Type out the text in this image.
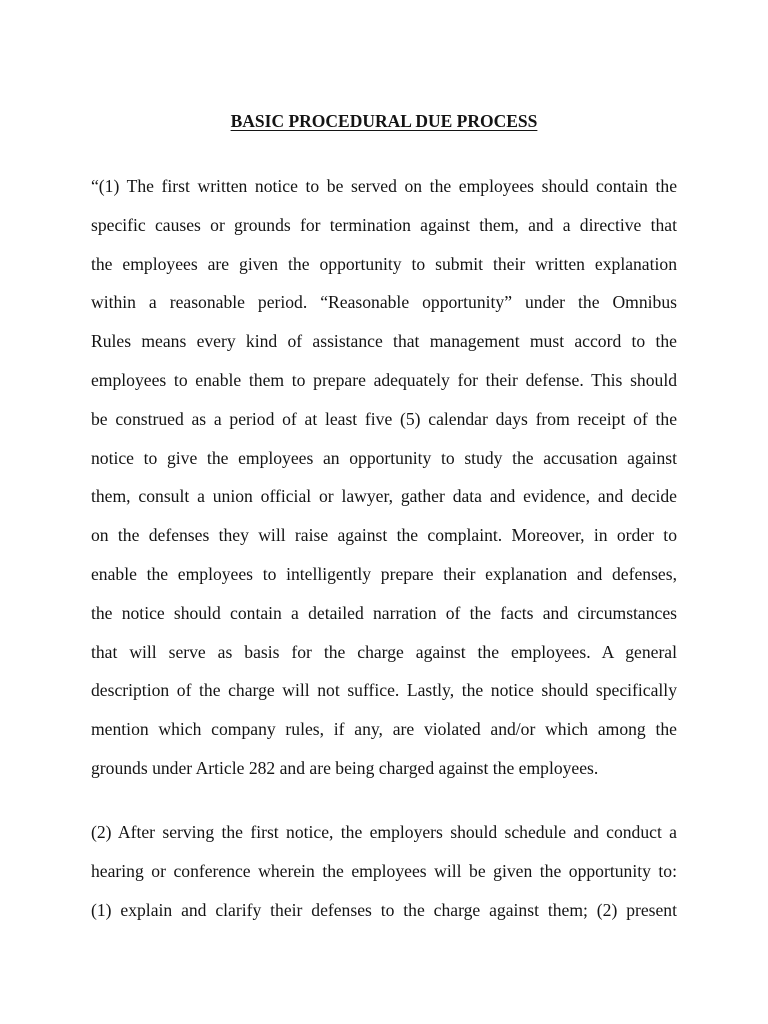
BASIC PROCEDURAL DUE PROCESS

“(1) The first written notice to be served on the employees should contain the
specific causes or grounds for termination against them, and a directive that
the employees are given the opportunity to submit their written explanation
within a reasonable period. “Reasonable opportunity” under the Omnibus
Rules means every kind of assistance that management must accord to the
employees to enable them to prepare adequately for their defense. This should
be construed as a period of at least five (5) calendar days from receipt of the
notice to give the employees an opportunity to study the accusation against
them, consult a union official or lawyer, gather data and evidence, and decide
on the defenses they will raise against the complaint. Moreover, in order to
enable the employees to intelligently prepare their explanation and defenses,
the notice should contain a detailed narration of the facts and circumstances
that will serve as basis for the charge against the employees. A general
description of the charge will not suffice. Lastly, the notice should specifically
mention which company rules, if any, are violated and/or which among the
grounds under Article 282 and are being charged against the employees.

(2) After serving the first notice, the employers should schedule and conduct a
hearing or conference wherein the employees will be given the opportunity to:
(1) explain and clarify their defenses to the charge against them; (2) present
